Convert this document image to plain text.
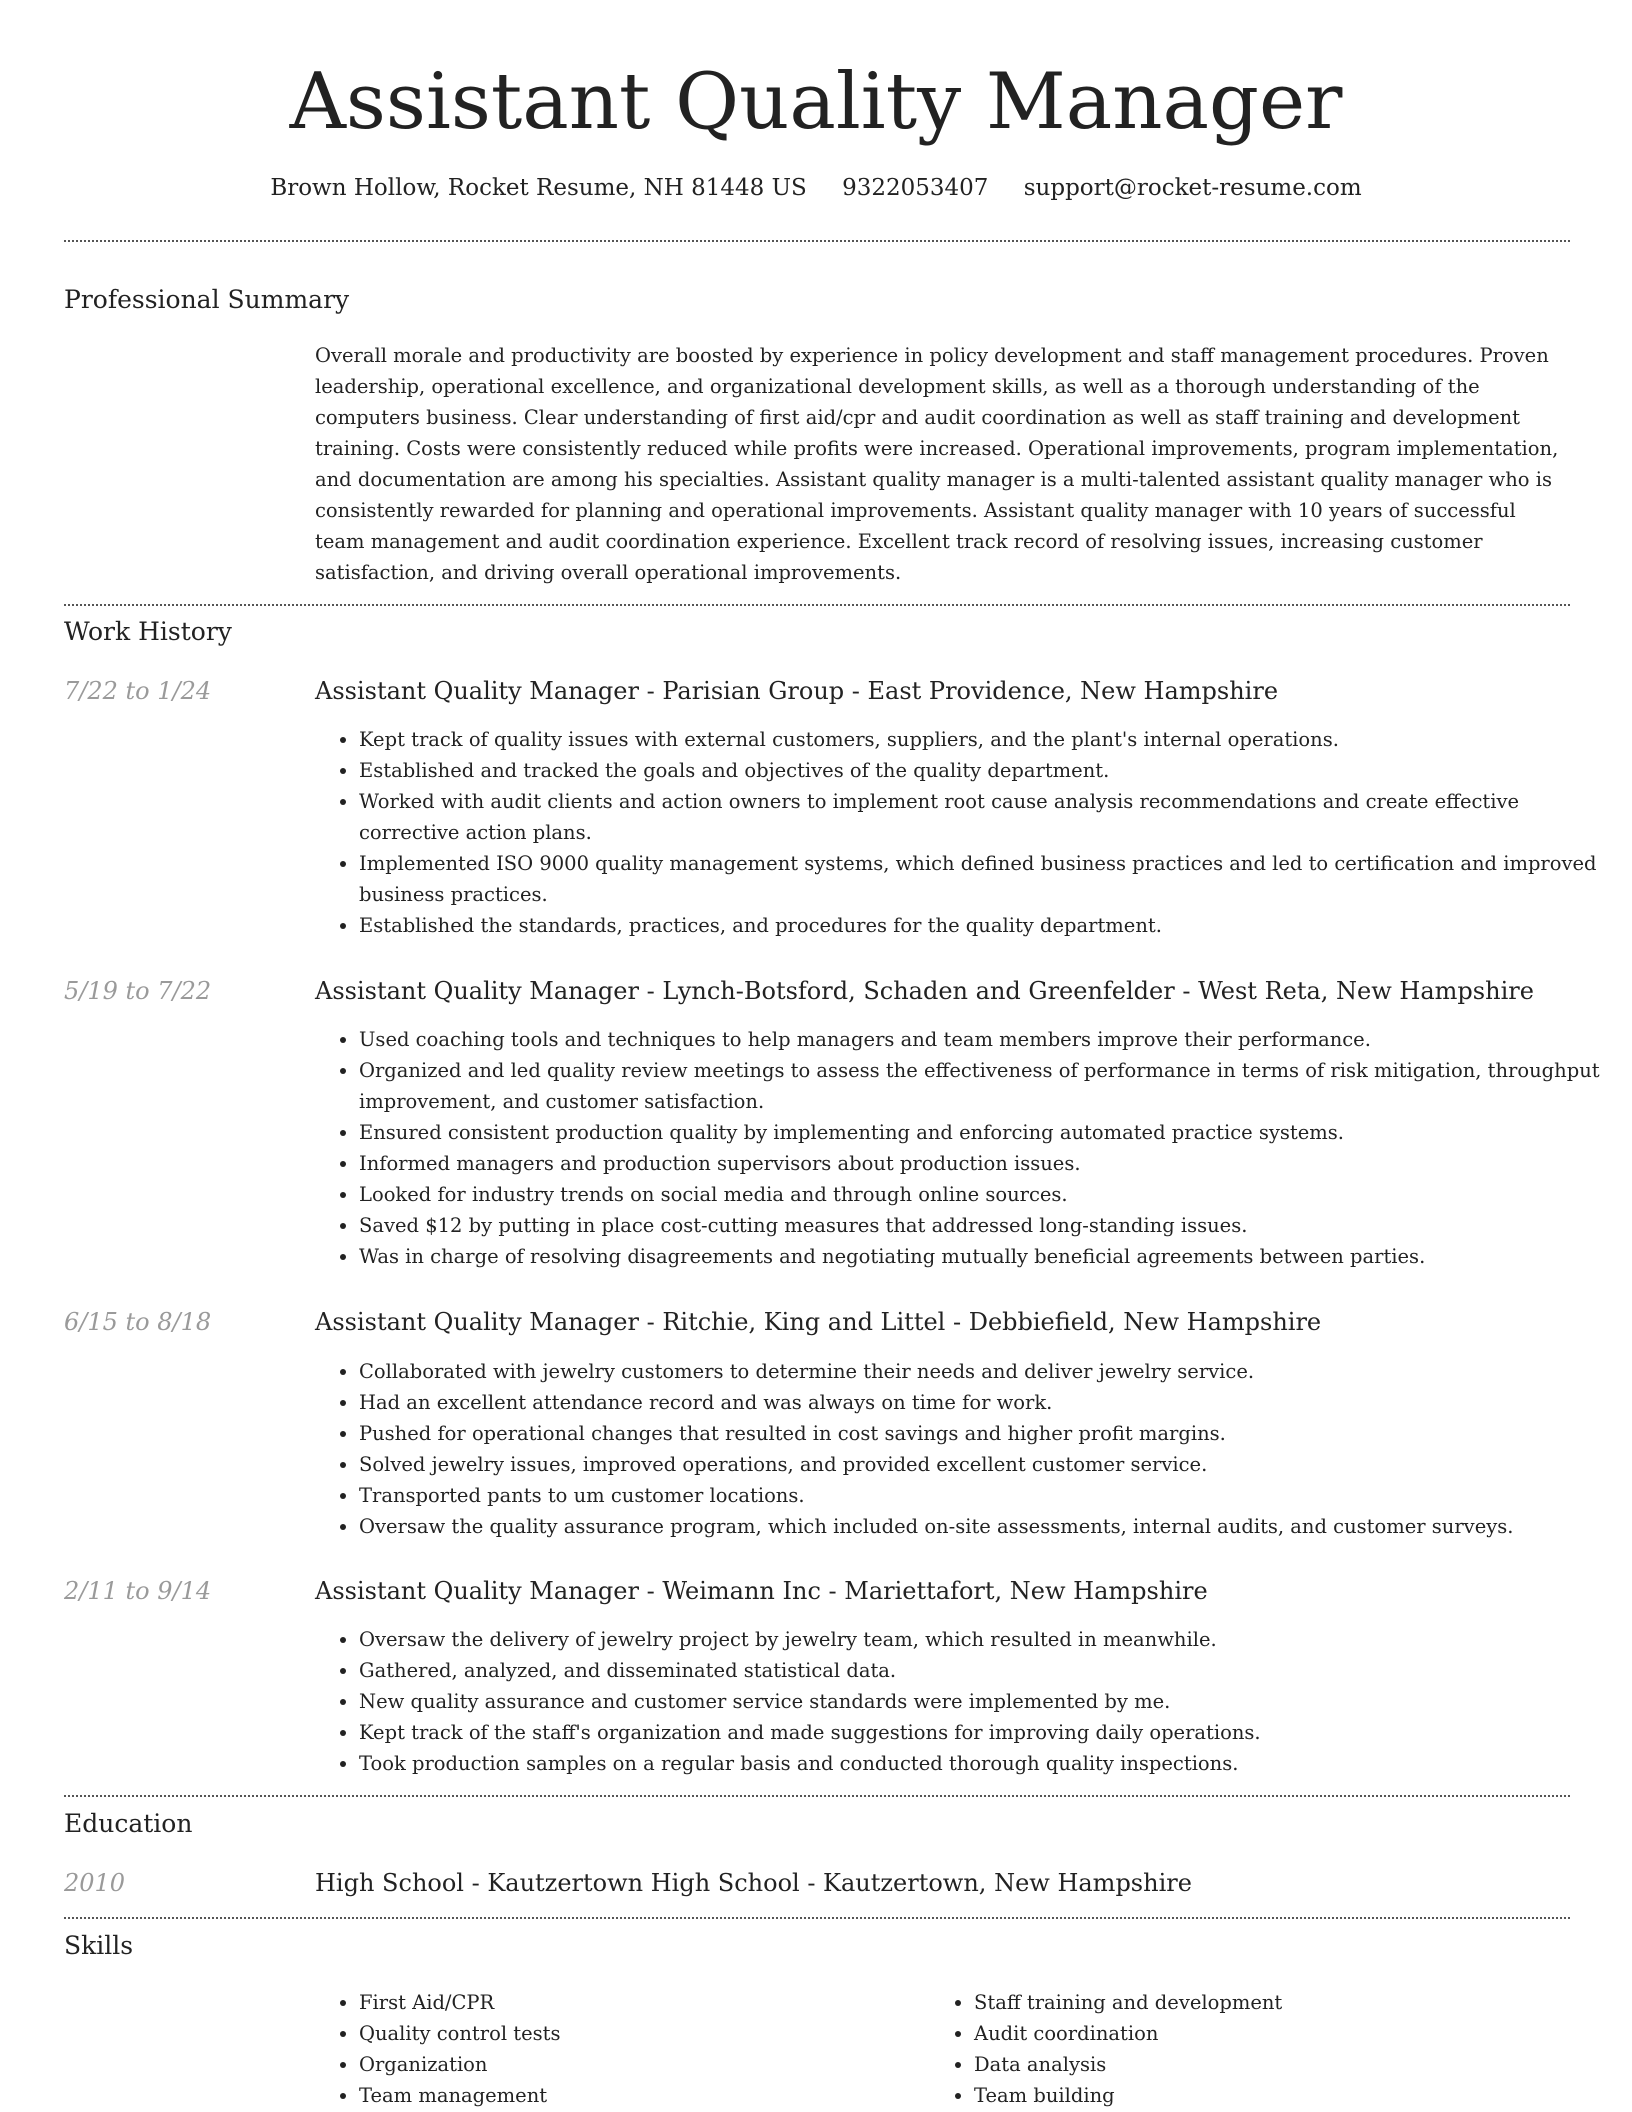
Assistant Quality Manager
Brown Hollow, Rocket Resume, NH 81448 US 9322053407 support@rocket-resume.com
Professional Summary

Overall morale and productivity are boosted by experience in policy development and staff management procedures. Proven leadership, operational excellence, and organizational development skills, as well as a thorough understanding of the computers business. Clear understanding of first aid/cpr and audit coordination as well as staff training and development training. Costs were consistently reduced while profits were increased. Operational improvements, program implementation, and documentation are among his specialties. Assistant quality manager is a multi-talented assistant quality manager who is consistently rewarded for planning and operational improvements. Assistant quality manager with 10 years of successful team management and audit coordination experience. Excellent track record of resolving issues, increasing customer satisfaction, and driving overall operational improvements.

Work History
7/22 to 1/24	Assistant Quality Manager - Parisian Group - East Providence, New Hampshire
• Kept track of quality issues with external customers, suppliers, and the plant's internal operations.
• Established and tracked the goals and objectives of the quality department.
• Worked with audit clients and action owners to implement root cause analysis recommendations and create effective corrective action plans.
• Implemented ISO 9000 quality management systems, which defined business practices and led to certification and improved business practices.
• Established the standards, practices, and procedures for the quality department.
5/19 to 7/22	Assistant Quality Manager - Lynch-Botsford, Schaden and Greenfelder - West Reta, New Hampshire
• Used coaching tools and techniques to help managers and team members improve their performance.
• Organized and led quality review meetings to assess the effectiveness of performance in terms of risk mitigation, throughput improvement, and customer satisfaction.
• Ensured consistent production quality by implementing and enforcing automated practice systems.
• Informed managers and production supervisors about production issues.
• Looked for industry trends on social media and through online sources.
• Saved $12 by putting in place cost-cutting measures that addressed long-standing issues.
• Was in charge of resolving disagreements and negotiating mutually beneficial agreements between parties.
6/15 to 8/18	Assistant Quality Manager - Ritchie, King and Littel - Debbiefield, New Hampshire
• Collaborated with jewelry customers to determine their needs and deliver jewelry service.
• Had an excellent attendance record and was always on time for work.
• Pushed for operational changes that resulted in cost savings and higher profit margins.
• Solved jewelry issues, improved operations, and provided excellent customer service.
• Transported pants to um customer locations.
• Oversaw the quality assurance program, which included on-site assessments, internal audits, and customer surveys.
2/11 to 9/14	Assistant Quality Manager - Weimann Inc - Mariettafort, New Hampshire
• Oversaw the delivery of jewelry project by jewelry team, which resulted in meanwhile.
• Gathered, analyzed, and disseminated statistical data.
• New quality assurance and customer service standards were implemented by me.
• Kept track of the staff's organization and made suggestions for improving daily operations.
• Took production samples on a regular basis and conducted thorough quality inspections.
Education
2010	High School - Kautzertown High School - Kautzertown, New Hampshire
Skills
• First Aid/CPR
• Quality control tests
• Organization
• Team management
• Staff training and development
• Audit coordination
• Data analysis
• Team building
